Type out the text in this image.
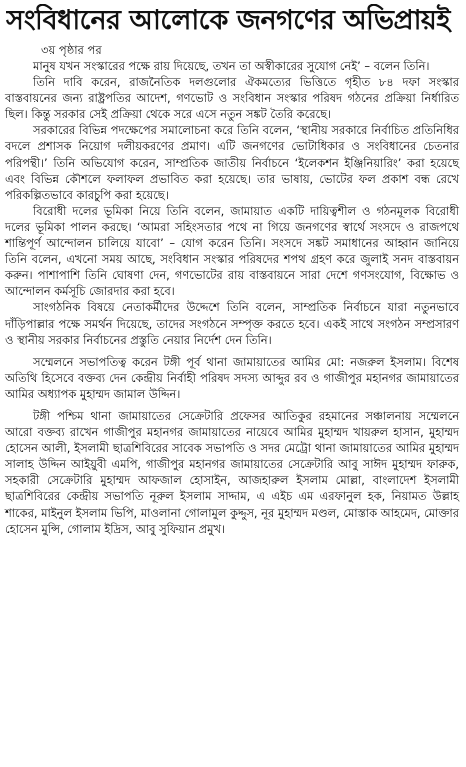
সংবিধানের আলোকে জনগণের অভিপ্রায়ই
৩য় পৃষ্ঠার পর

মানুষ যখন সংস্কারের পক্ষে রায় দিয়েছে, তখন তা অস্বীকারের সুযোগ নেই’ – বলেন তিনি।

তিনি দাবি করেন, রাজনৈতিক দলগুলোর ঐকমত্যের ভিত্তিতে গৃহীত ৮৪ দফা সংস্কার বাস্তবায়নের জন্য রাষ্ট্রপতির আদেশ, গণভোট ও সংবিধান সংস্কার পরিষদ গঠনের প্রক্রিয়া নির্ধারিত ছিল। কিন্তু সরকার সেই প্রক্রিয়া থেকে সরে এসে নতুন সঙ্কট তৈরি করেছে।

সরকারের বিভিন্ন পদক্ষেপের সমালোচনা করে তিনি বলেন, ‘স্থানীয় সরকারে নির্বাচিত প্রতিনিধির বদলে প্রশাসক নিয়োগ দলীয়করণের প্রমাণ। এটি জনগণের ভোটাধিকার ও সংবিধানের চেতনার পরিপন্থী।’ তিনি অভিযোগ করেন, সাম্প্রতিক জাতীয় নির্বাচনে ‘ইলেকশন ইঞ্জিনিয়ারিং’ করা হয়েছে এবং বিভিন্ন কৌশলে ফলাফল প্রভাবিত করা হয়েছে। তার ভাষায়, ভোটের ফল প্রকাশ বন্ধ রেখে পরিকল্পিতভাবে কারচুপি করা হয়েছে।

বিরোধী দলের ভূমিকা নিয়ে তিনি বলেন, জামায়াত একটি দায়িত্বশীল ও গঠনমূলক বিরোধী দলের ভূমিকা পালন করছে। ‘আমরা সহিংসতার পথে না গিয়ে জনগণের স্বার্থে সংসদে ও রাজপথে শান্তিপূর্ণ আন্দোলন চালিয়ে যাবো’ – যোগ করেন তিনি। সংসদে সঙ্কট সমাধানের আহ্বান জানিয়ে তিনি বলেন, এখনো সময় আছে, সংবিধান সংস্কার পরিষদের শপথ গ্রহণ করে জুলাই সনদ বাস্তবায়ন করুন। পাশাপাশি তিনি ঘোষণা দেন, গণভোটের রায় বাস্তবায়নে সারা দেশে গণসংযোগ, বিক্ষোভ ও আন্দোলন কর্মসূচি জোরদার করা হবে।

সাংগঠনিক বিষয়ে নেতাকর্মীদের উদ্দেশে তিনি বলেন, সাম্প্রতিক নির্বাচনে যারা নতুনভাবে দাঁড়িপাল্লার পক্ষে সমর্থন দিয়েছে, তাদের সংগঠনে সম্পৃক্ত করতে হবে। একই সাথে সংগঠন সম্প্রসারণ ও স্থানীয় সরকার নির্বাচনের প্রস্তুতি নেয়ার নির্দেশ দেন তিনি।

সম্মেলনে সভাপতিত্ব করেন টঙ্গী পূর্ব থানা জামায়াতের আমির মো: নজরুল ইসলাম। বিশেষ অতিথি হিসেবে বক্তব্য দেন কেন্দ্রীয় নির্বাহী পরিষদ সদস্য আব্দুর রব ও গাজীপুর মহানগর জামায়াতের আমির অধ্যাপক মুহাম্মদ জামাল উদ্দিন।

টঙ্গী পশ্চিম থানা জামায়াতের সেক্রেটারি প্রফেসর আতিকুর রহমানের সঞ্চালনায় সম্মেলনে আরো বক্তব্য রাখেন গাজীপুর মহানগর জামায়াতের নায়েবে আমির মুহাম্মদ খায়রুল হাসান, মুহাম্মদ হোসেন আলী, ইসলামী ছাত্রশিবিরের সাবেক সভাপতি ও সদর মেট্রো থানা জামায়াতের আমির মুহাম্মদ সালাহ উদ্দিন আইয়ুবী এমপি, গাজীপুর মহানগর জামায়াতের সেক্রেটারি আবু সাঈদ মুহাম্মদ ফারুক, সহকারী সেক্রেটারি মুহাম্মদ আফজাল হোসাইন, আজহারুল ইসলাম মোল্লা, বাংলাদেশ ইসলামী ছাত্রশিবিরের কেন্দ্রীয় সভাপতি নূরুল ইসলাম সাদ্দাম, এ এইচ এম এরফানুল হক, নিয়ামত উল্লাহ শাকের, মাইনুল ইসলাম ভিপি, মাওলানা গোলামুল কুদ্দুস, নূর মুহাম্মদ মণ্ডল, মোস্তাক আহমেদ, মোক্তার হোসেন মুন্সি, গোলাম ইদ্রিস, আবু সুফিয়ান প্রমুখ।
